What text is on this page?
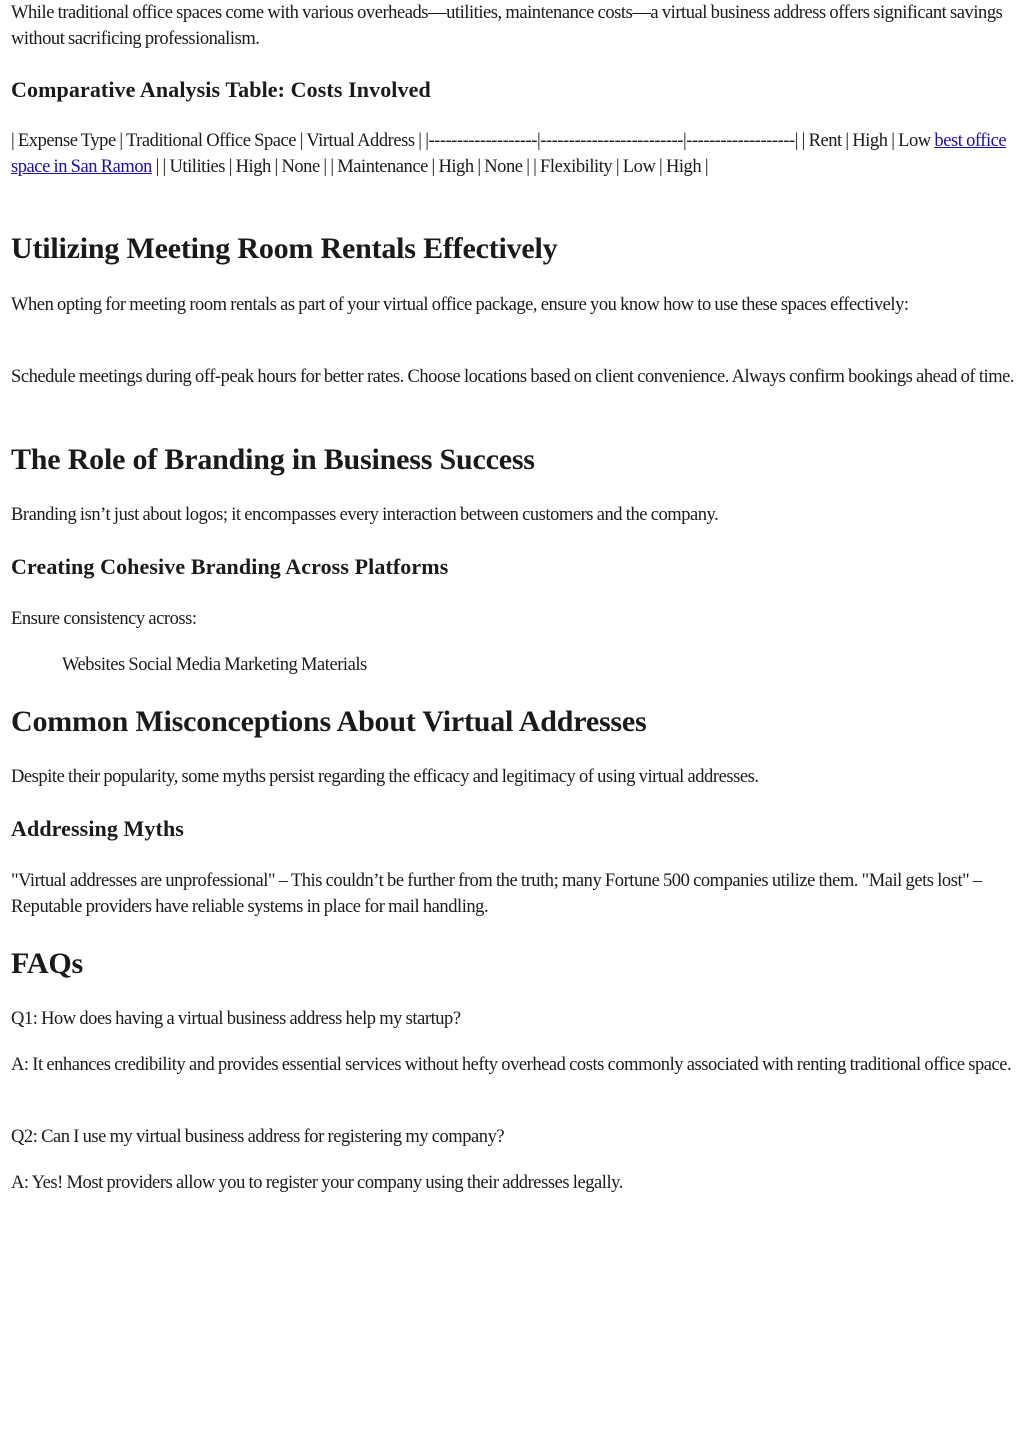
While traditional office spaces come with various overheads—utilities, maintenance costs—a virtual business address offers significant savings without sacrificing professionalism.

Comparative Analysis Table: Costs Involved

| Expense Type | Traditional Office Space | Virtual Address | |-------------------|-------------------------|-------------------| | Rent | High | Low best office space in San Ramon | | Utilities | High | None | | Maintenance | High | None | | Flexibility | Low | High |

Utilizing Meeting Room Rentals Effectively

When opting for meeting room rentals as part of your virtual office package, ensure you know how to use these spaces effectively:

Schedule meetings during off-peak hours for better rates. Choose locations based on client convenience. Always confirm bookings ahead of time.

The Role of Branding in Business Success

Branding isn’t just about logos; it encompasses every interaction between customers and the company.

Creating Cohesive Branding Across Platforms

Ensure consistency across:

Websites Social Media Marketing Materials

Common Misconceptions About Virtual Addresses

Despite their popularity, some myths persist regarding the efficacy and legitimacy of using virtual addresses.

Addressing Myths

"Virtual addresses are unprofessional" – This couldn’t be further from the truth; many Fortune 500 companies utilize them. "Mail gets lost" – Reputable providers have reliable systems in place for mail handling.

FAQs

Q1: How does having a virtual business address help my startup?

A: It enhances credibility and provides essential services without hefty overhead costs commonly associated with renting traditional office space.

Q2: Can I use my virtual business address for registering my company?

A: Yes! Most providers allow you to register your company using their addresses legally.
